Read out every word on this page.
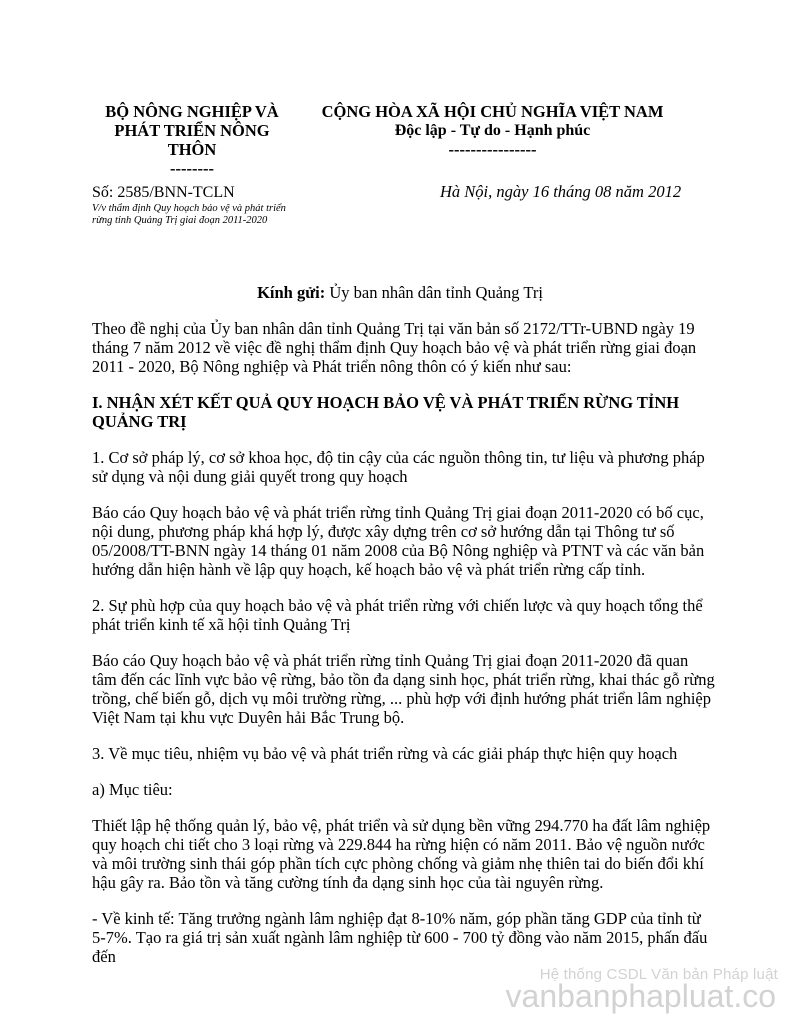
BỘ NÔNG NGHIỆP VÀ
PHÁT TRIỂN NÔNG
THÔN
--------
CỘNG HÒA XÃ HỘI CHỦ NGHĨA VIỆT NAM
Độc lập - Tự do - Hạnh phúc
----------------
Số: 2585/BNN-TCLN
V/v thẩm định Quy hoạch bảo vệ và phát triển rừng tỉnh Quảng Trị giai đoạn 2011-2020
Hà Nội, ngày 16 tháng 08 năm 2012
Kính gửi: Ủy ban nhân dân tỉnh Quảng Trị

Theo đề nghị của Ủy ban nhân dân tỉnh Quảng Trị tại văn bản số 2172/TTr-UBND ngày 19 tháng 7 năm 2012 về việc đề nghị thẩm định Quy hoạch bảo vệ và phát triển rừng giai đoạn 2011 - 2020, Bộ Nông nghiệp và Phát triển nông thôn có ý kiến như sau:

I. NHẬN XÉT KẾT QUẢ QUY HOẠCH BẢO VỆ VÀ PHÁT TRIỂN RỪNG TỈNH QUẢNG TRỊ

1. Cơ sở pháp lý, cơ sở khoa học, độ tin cậy của các nguồn thông tin, tư liệu và phương pháp sử dụng và nội dung giải quyết trong quy hoạch

Báo cáo Quy hoạch bảo vệ và phát triển rừng tỉnh Quảng Trị giai đoạn 2011-2020 có bố cục, nội dung, phương pháp khá hợp lý, được xây dựng trên cơ sở hướng dẫn tại Thông tư số 05/2008/TT-BNN ngày 14 tháng 01 năm 2008 của Bộ Nông nghiệp và PTNT và các văn bản hướng dẫn hiện hành về lập quy hoạch, kế hoạch bảo vệ và phát triển rừng cấp tỉnh.

2. Sự phù hợp của quy hoạch bảo vệ và phát triển rừng với chiến lược và quy hoạch tổng thể phát triển kinh tế xã hội tỉnh Quảng Trị

Báo cáo Quy hoạch bảo vệ và phát triển rừng tỉnh Quảng Trị giai đoạn 2011-2020 đã quan tâm đến các lĩnh vực bảo vệ rừng, bảo tồn đa dạng sinh học, phát triển rừng, khai thác gỗ rừng trồng, chế biến gỗ, dịch vụ môi trường rừng, ... phù hợp với định hướng phát triển lâm nghiệp Việt Nam tại khu vực Duyên hải Bắc Trung bộ.

3. Về mục tiêu, nhiệm vụ bảo vệ và phát triển rừng và các giải pháp thực hiện quy hoạch

a) Mục tiêu:

Thiết lập hệ thống quản lý, bảo vệ, phát triển và sử dụng bền vững 294.770 ha đất lâm nghiệp quy hoạch chi tiết cho 3 loại rừng và 229.844 ha rừng hiện có năm 2011. Bảo vệ nguồn nước và môi trường sinh thái góp phần tích cực phòng chống và giảm nhẹ thiên tai do biến đổi khí hậu gây ra. Bảo tồn và tăng cường tính đa dạng sinh học của tài nguyên rừng.

- Về kinh tế: Tăng trưởng ngành lâm nghiệp đạt 8-10% năm, góp phần tăng GDP của tỉnh từ 5-7%. Tạo ra giá trị sản xuất ngành lâm nghiệp từ 600 - 700 tỷ đồng vào năm 2015, phấn đấu đến

Hệ thống CSDL Văn bản Pháp luật
vanbanphapluat.co
